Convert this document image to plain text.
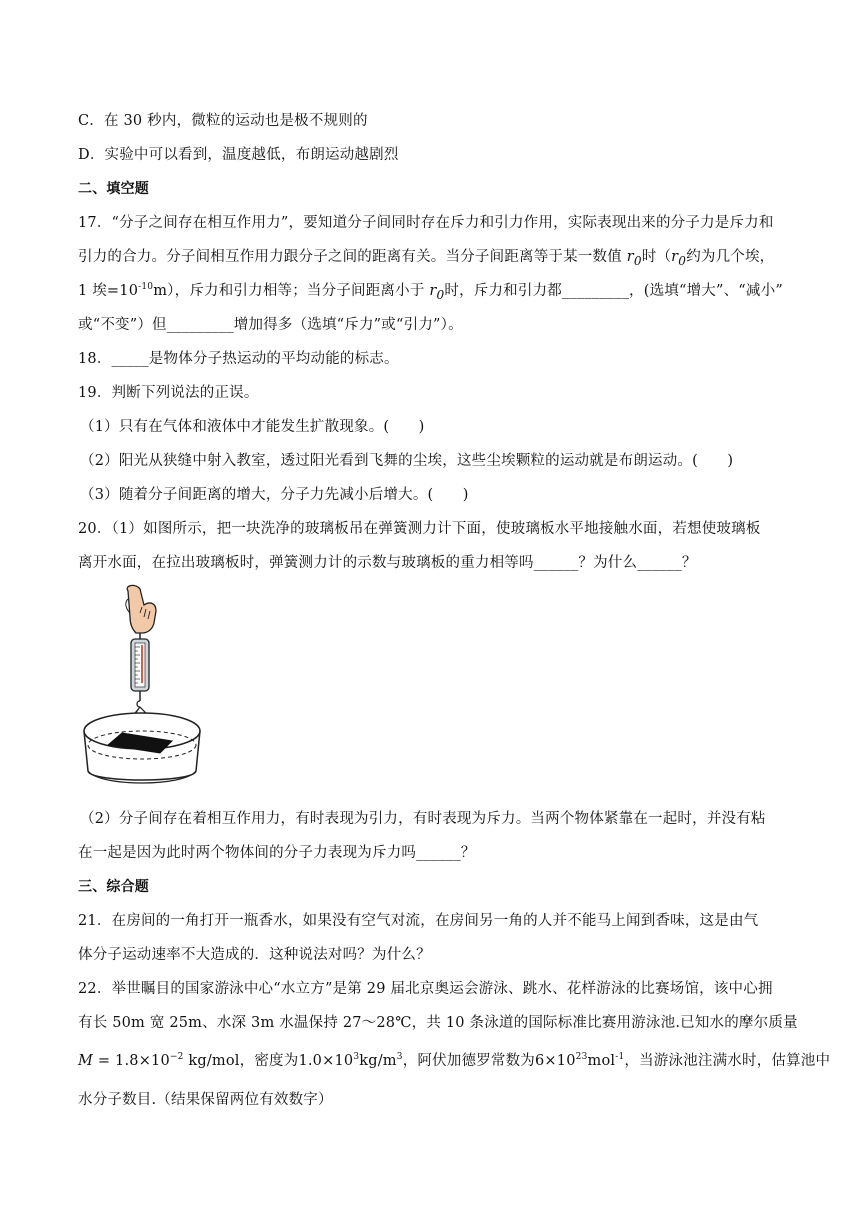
C．在 30 秒内，微粒的运动也是极不规则的
D．实验中可以看到，温度越低，布朗运动越剧烈
二、填空题
17．“分子之间存在相互作用力”，要知道分子间同时存在斥力和引力作用，实际表现出来的分子力是斥力和
引力的合力。分子间相互作用力跟分子之间的距离有关。当分子间距离等于某一数值 $r_0$时（$r_0$约为几个埃，
1 埃$=10^{-10}m$），斥力和引力相等；当分子间距离小于 $r_0$时，斥力和引力都_________，(选填“增大”、“减小”
或“不变”）但_________增加得多（选填“斥力”或“引力”）。
18．_____是物体分子热运动的平均动能的标志。
19．判断下列说法的正误。
（1）只有在气体和液体中才能发生扩散现象。(　　)
（2）阳光从狭缝中射入教室，透过阳光看到飞舞的尘埃，这些尘埃颗粒的运动就是布朗运动。(　　)
（3）随着分子间距离的增大，分子力先减小后增大。(　　)
20．（1）如图所示，把一块洗净的玻璃板吊在弹簧测力计下面，使玻璃板水平地接触水面，若想使玻璃板
离开水面，在拉出玻璃板时，弹簧测力计的示数与玻璃板的重力相等吗______？为什么______？
（2）分子间存在着相互作用力，有时表现为引力，有时表现为斥力。当两个物体紧靠在一起时，并没有粘
在一起是因为此时两个物体间的分子力表现为斥力吗______？
三、综合题
21．在房间的一角打开一瓶香水，如果没有空气对流，在房间另一角的人并不能马上闻到香味，这是由气
体分子运动速率不大造成的．这种说法对吗？为什么？
22．举世瞩目的国家游泳中心“水立方”是第 29 届北京奥运会游泳、跳水、花样游泳的比赛场馆，该中心拥
有长 50m 宽 25m、水深 3m 水温保持 27～28℃，共 10 条泳道的国际标准比赛用游泳池.已知水的摩尔质量
$M = 1.8\times 10^{-2}$ kg/mol，密度为$1.0\times 10^3kg/m^3$，阿伏加德罗常数为$6\times 10^{23}mol^{-1}$，当游泳池注满水时，估算池中
水分子数目.（结果保留两位有效数字）
